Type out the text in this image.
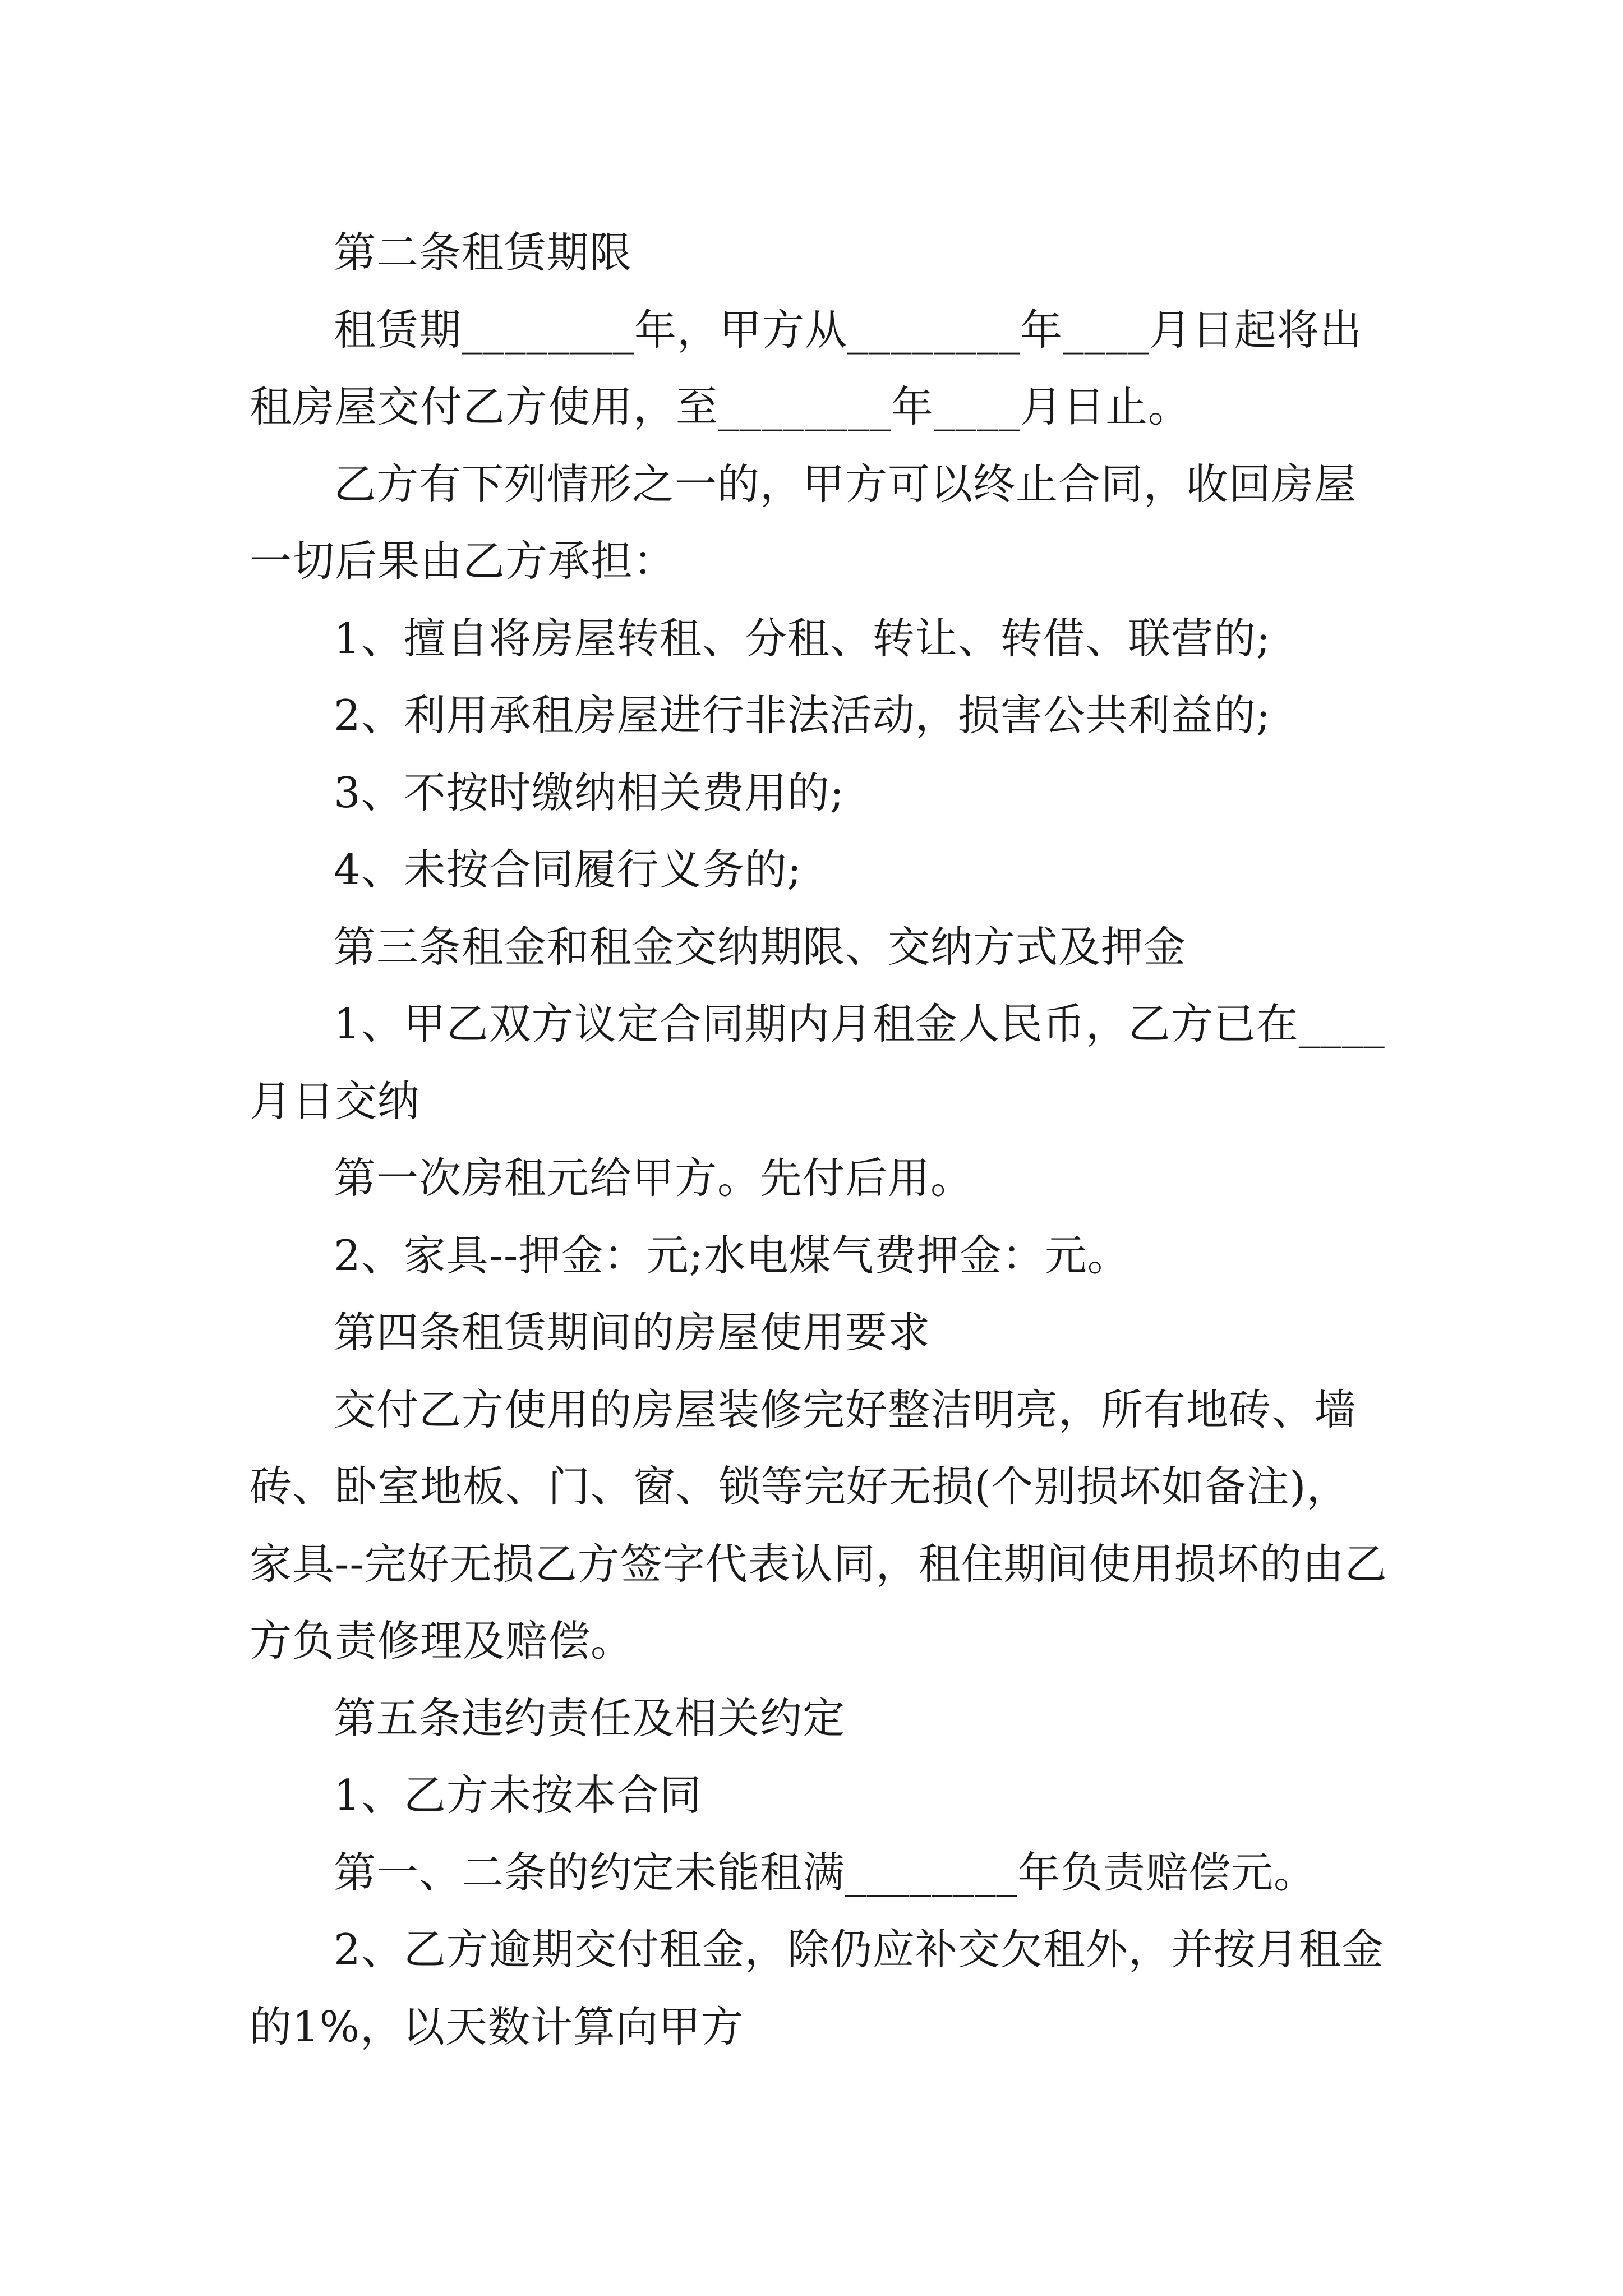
第二条租赁期限

租赁期________年，甲方从________年____月日起将出租房屋交付乙方使用，至________年____月日止。

乙方有下列情形之一的，甲方可以终止合同，收回房屋一切后果由乙方承担：

1、擅自将房屋转租、分租、转让、转借、联营的;

2、利用承租房屋进行非法活动，损害公共利益的;

3、不按时缴纳相关费用的;

4、未按合同履行义务的;

第三条租金和租金交纳期限、交纳方式及押金

1、甲乙双方议定合同期内月租金人民币，乙方已在____月日交纳

第一次房租元给甲方。先付后用。

2、家具--押金：元;水电煤气费押金：元。

第四条租赁期间的房屋使用要求

交付乙方使用的房屋装修完好整洁明亮，所有地砖、墙砖、卧室地板、门、窗、锁等完好无损(个别损坏如备注)，家具--完好无损乙方签字代表认同，租住期间使用损坏的由乙方负责修理及赔偿。

第五条违约责任及相关约定

1、乙方未按本合同

第一、二条的约定未能租满________年负责赔偿元。

2、乙方逾期交付租金，除仍应补交欠租外，并按月租金的1%，以天数计算向甲方
